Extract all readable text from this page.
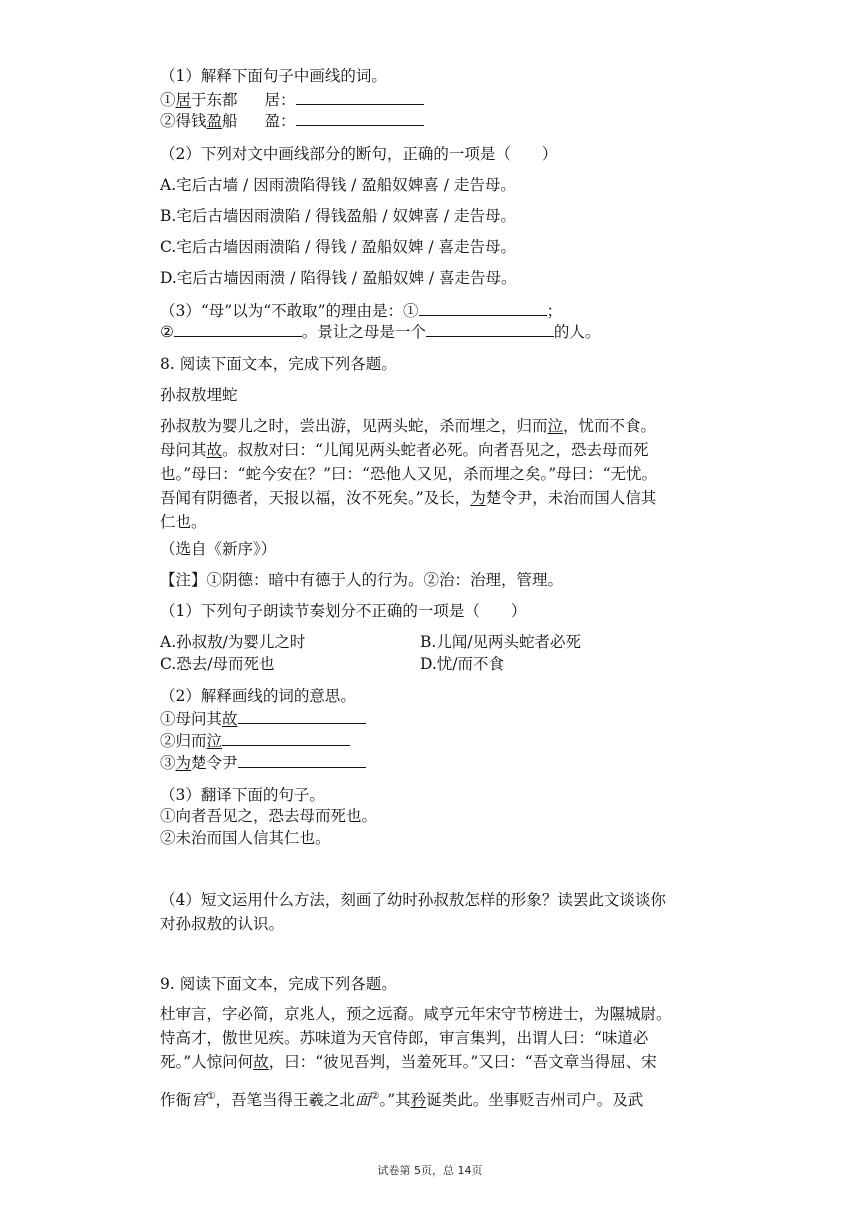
（1）解释下面句子中画线的词。
①居于东都 居：
②得钱盈船 盈：
（2）下列对文中画线部分的断句，正确的一项是（　　）
A.宅后古墙 / 因雨溃陷得钱 / 盈船奴婢喜 / 走告母。
B.宅后古墙因雨溃陷 / 得钱盈船 / 奴婢喜 / 走告母。
C.宅后古墙因雨溃陷 / 得钱 / 盈船奴婢 / 喜走告母。
D.宅后古墙因雨溃 / 陷得钱 / 盈船奴婢 / 喜走告母。
（3）“母”以为“不敢取”的理由是：①	；
②	。景让之母是一个	的人。
8. 阅读下面文本，完成下列各题。
孙叔敖埋蛇
孙叔敖为婴儿之时，尝出游，见两头蛇，杀而埋之，归而泣，忧而不食。
母问其故。叔敖对曰：“儿闻见两头蛇者必死。向者吾见之，恐去母而死
也。”母曰：“蛇今安在？”曰：“恐他人又见，杀而埋之矣。”母曰：“无忧。
吾闻有阴德者，天报以福，汝不死矣。”及长，为楚令尹，未治而国人信其
仁也。
（选自《新序》）
【注】①阴德：暗中有德于人的行为。②治：治理，管理。
（1）下列句子朗读节奏划分不正确的一项是（　　）
A.孙叔敖/为婴儿之时	B.儿闻/见两头蛇者必死
C.恐去/母而死也	D.忧/而不食
（2）解释画线的词的意思。
①母问其故
②归而泣
③为楚令尹
（3）翻译下面的句子。
①向者吾见之，恐去母而死也。
②未治而国人信其仁也。
（4）短文运用什么方法，刻画了幼时孙叔敖怎样的形象？读罢此文谈谈你
对孙叔敖的认识。
9. 阅读下面文本，完成下列各题。
杜审言，字必简，京兆人，预之远裔。咸亨元年宋守节榜进士，为隰城尉。
恃高才，傲世见疾。苏味道为天官侍郎，审言集判，出谓人曰：“味道必
死。”人惊问何故，曰：“彼见吾判，当羞死耳。”又曰：“吾文章当得屈、宋
作衙官①，吾笔当得王羲之北面②。”其矜诞类此。坐事贬吉州司户。及武
试卷第 5页，总 14页
